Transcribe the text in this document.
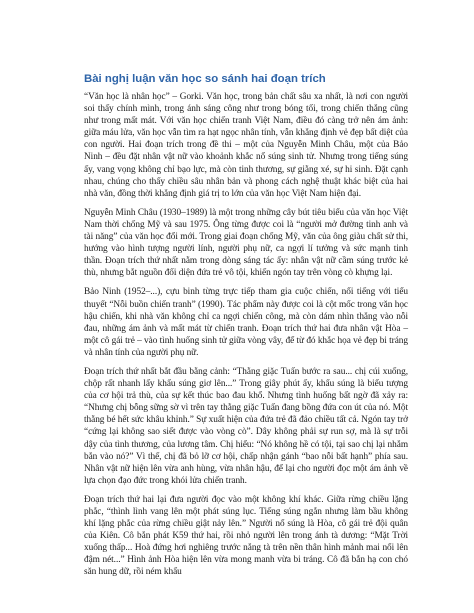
Bài nghị luận văn học so sánh hai đoạn trích

“Văn học là nhân học” – Gorki. Văn học, trong bản chất sâu xa nhất, là nơi con người soi thấy chính mình, trong ánh sáng công như trong bóng tối, trong chiến thắng cũng như trong mất mát. Với văn học chiến tranh Việt Nam, điều đó càng trở nên ám ảnh: giữa máu lửa, văn học vẫn tìm ra hạt ngọc nhân tính, vẫn khẳng định vẻ đẹp bất diệt của con người. Hai đoạn trích trong đề thi – một của Nguyễn Minh Châu, một của Bảo Ninh – đều đặt nhân vật nữ vào khoảnh khắc nổ súng sinh tử. Nhưng trong tiếng súng ấy, vang vọng không chỉ bạo lực, mà còn tinh thương, sự giằng xé, sự hi sinh. Đặt cạnh nhau, chúng cho thấy chiều sâu nhân bản và phong cách nghệ thuật khác biệt của hai nhà văn, đồng thời khẳng định giá trị to lớn của văn học Việt Nam hiện đại.

Nguyễn Minh Châu (1930–1989) là một trong những cây bút tiêu biểu của văn học Việt Nam thời chống Mỹ và sau 1975. Ông từng được coi là “người mở đường tinh anh và tài năng” của văn học đổi mới. Trong giai đoạn chống Mỹ, văn của ông giàu chất sử thi, hướng vào hình tượng người lính, người phụ nữ, ca ngợi lí tưởng và sức mạnh tinh thần. Đoạn trích thứ nhất nằm trong dòng sáng tác ấy: nhân vật nữ cầm súng trước kẻ thù, nhưng bắt nguồn đối diện đứa trẻ vô tội, khiến ngón tay trên vòng cò khựng lại.

Bảo Ninh (1952–...), cựu binh từng trực tiếp tham gia cuộc chiến, nổi tiếng với tiểu thuyết “Nỗi buồn chiến tranh” (1990). Tác phẩm này được coi là cột mốc trong văn học hậu chiến, khi nhà văn không chỉ ca ngợi chiến công, mà còn dám nhìn thẳng vào nỗi đau, những ám ảnh và mất mát từ chiến tranh. Đoạn trích thứ hai đưa nhân vật Hòa – một cô gái trẻ – vào tình huống sinh tử giữa vòng vây, để từ đó khắc họa vẻ đẹp bi tráng và nhân tính của người phụ nữ.

Đoạn trích thứ nhất bắt đầu bằng cảnh: “Thằng giặc Tuấn bước ra sau... chị cúi xuống, chộp rất nhanh lấy khẩu súng giơ lên...” Trong giây phút ấy, khẩu súng là biểu tượng của cơ hội trả thù, của sự kết thúc bao đau khổ. Nhưng tình huống bất ngờ đã xảy ra: “Nhưng chị bỗng sững sờ vì trên tay thằng giặc Tuấn đang bồng đứa con út của nó. Một thằng bé hết sức khâu khỉnh.” Sự xuất hiện của đứa trẻ đã đảo chiều tất cả. Ngón tay trở “cứng lại không sao siết được vào vòng cò”. Dây không phải sự run sợ, mà là sự trỗi dậy của tình thương, của lương tâm. Chị hiểu: “Nó không hề có tội, tại sao chị lại nhắm bắn vào nó?” Vì thế, chị đã bỏ lỡ cơ hội, chấp nhận gánh “bao nỗi bất hạnh” phía sau. Nhân vật nữ hiện lên vừa anh hùng, vừa nhân hậu, để lại cho người đọc một ám ảnh về lựa chọn đạo đức trong khói lửa chiến tranh.

Đoạn trích thứ hai lại đưa người đọc vào một không khí khác. Giữa rừng chiều lặng phắc, “thình lình vang lên một phát súng lục. Tiếng súng ngắn nhưng làm bầu không khí lặng phắc của rừng chiều giật nảy lên.” Người nổ súng là Hòa, cô gái trẻ đội quân của Kiên. Cô bắn phát K59 thứ hai, rồi nhỏ người lên trong ánh tà dương: “Mặt Trời xuống thấp... Hoà đứng hơi nghiêng trước nắng tà trên nền thân hình mảnh mai nổi lên đậm nét...” Hình ảnh Hòa hiện lên vừa mong manh vừa bi tráng. Cô đã bắn hạ con chó săn hung dữ, rồi ném khẩu
